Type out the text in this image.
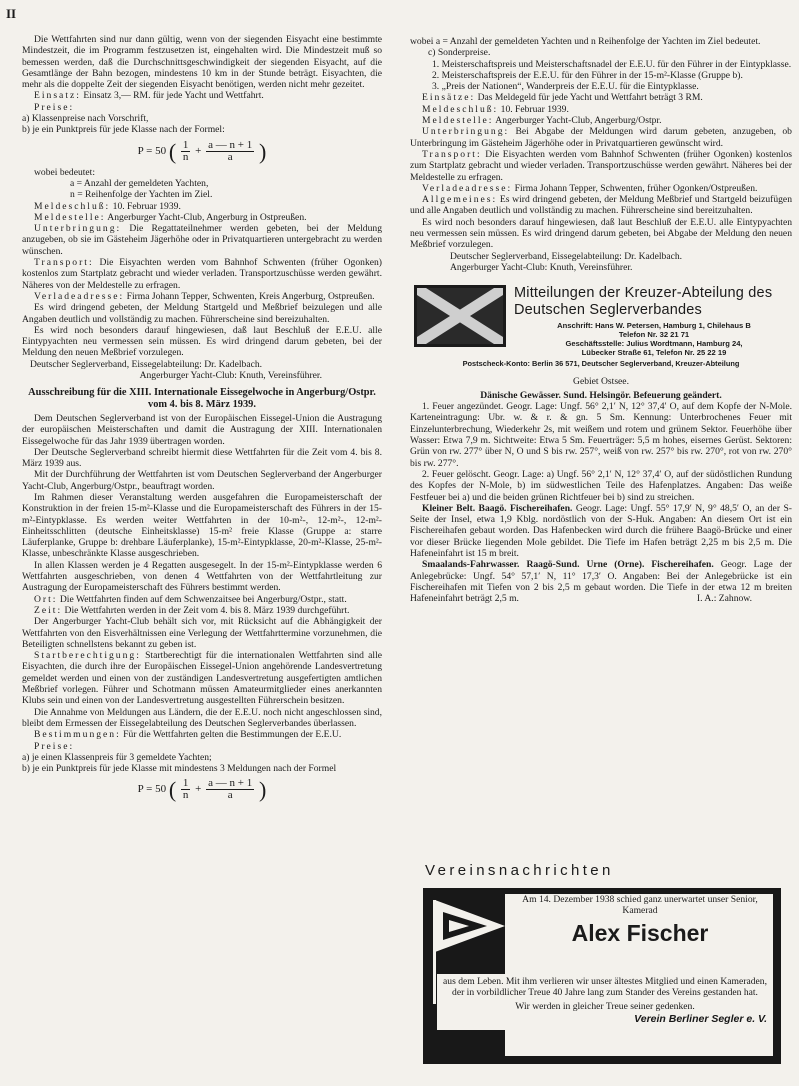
II

Die Wettfahrten sind nur dann gültig, wenn von der siegenden Eisyacht eine bestimmte Mindestzeit, die im Programm festzusetzen ist, eingehalten wird. Die Mindestzeit muß so bemessen werden, daß die Durchschnittsgeschwindigkeit der siegenden Eisyacht, auf die Gesamtlänge der Bahn bezogen, mindestens 10 km in der Stunde beträgt. Eisyachten, die mehr als die doppelte Zeit der siegenden Eisyacht benötigen, werden nicht mehr gezeitet.

Einsatz: Einsatz 3,— RM. für jede Yacht und Wettfahrt.

Preise:

a) Klassenpreise nach Vorschrift,

b) je ein Punktpreis für jede Klasse nach der Formel:

P = 50 ( $\frac{1}{n} + \frac{a — n + 1}{a}$ )

wobei bedeutet:

a = Anzahl der gemeldeten Yachten,

n = Reihenfolge der Yachten im Ziel.

Meldeschluß: 10. Februar 1939.

Meldestelle: Angerburger Yacht-Club, Angerburg in Ostpreußen.

Unterbringung: Die Regattateilnehmer werden gebeten, bei der Meldung anzugeben, ob sie im Gästeheim Jägerhöhe oder in Privatquartieren untergebracht zu werden wünschen.

Transport: Die Eisyachten werden vom Bahnhof Schwenten (früher Ogonken) kostenlos zum Startplatz gebracht und wieder verladen. Transportzuschüsse werden gewährt. Näheres von der Meldestelle zu erfragen.

Verladeadresse: Firma Johann Tepper, Schwenten, Kreis Angerburg, Ostpreußen.

Es wird dringend gebeten, der Meldung Startgeld und Meßbrief beizulegen und alle Angaben deutlich und vollständig zu machen. Führerscheine sind bereizuhalten.

Es wird noch besonders darauf hingewiesen, daß laut Beschluß der E.E.U. alle Eintypyachten neu vermessen sein müssen. Es wird dringend darum gebeten, bei der Meldung den neuen Meßbrief vorzulegen.

Deutscher Seglerverband, Eissegelabteilung: Dr. Kadelbach.

Angerburger Yacht-Club: Knuth, Vereinsführer.

Ausschreibung für die XIII. Internationale Eissegelwoche in Angerburg/Ostpr. vom 4. bis 8. März 1939.

Dem Deutschen Seglerverband ist von der Europäischen Eissegel-Union die Austragung der europäischen Meisterschaften und damit die Austragung der XIII. Internationalen Eissegelwoche für das Jahr 1939 übertragen worden.

Der Deutsche Seglerverband schreibt hiermit diese Wettfahrten für die Zeit vom 4. bis 8. März 1939 aus.

Mit der Durchführung der Wettfahrten ist vom Deutschen Seglerverband der Angerburger Yacht-Club, Angerburg/Ostpr., beauftragt worden.

Im Rahmen dieser Veranstaltung werden ausgefahren die Europameisterschaft der Konstruktion in der freien 15-m²-Klasse und die Europameisterschaft des Führers in der 15-m²-Eintypklasse. Es werden weiter Wettfahrten in der 10-m²-, 12-m²-, 12-m²-Einheitsschlitten (deutsche Einheitsklasse) 15-m² freie Klasse (Gruppe a: starre Läuferplanke, Gruppe b: drehbare Läuferplanke), 15-m²-Eintypklasse, 20-m²-Klasse, 25-m²-Klasse, unbeschränkte Klasse ausgeschrieben.

In allen Klassen werden je 4 Regatten ausgesegelt. In der 15-m²-Eintypklasse werden 6 Wettfahrten ausgeschrieben, von denen 4 Wettfahrten von der Wettfahrtleitung zur Austragung der Europameisterschaft des Führers bestimmt werden.

Ort: Die Wettfahrten finden auf dem Schwenzaitsee bei Angerburg/Ostpr., statt.

Zeit: Die Wettfahrten werden in der Zeit vom 4. bis 8. März 1939 durchgeführt.

Der Angerburger Yacht-Club behält sich vor, mit Rücksicht auf die Abhängigkeit der Wettfahrten von den Eisverhältnissen eine Verlegung der Wettfahrttermine vorzunehmen, die Beteiligten schnellstens bekannt zu geben ist.

Startberechtigung: Startberechtigt für die internationalen Wettfahrten sind alle Eisyachten, die durch ihre der Europäischen Eissegel-Union angehörende Landesvertretung gemeldet werden und einen von der zuständigen Landesvertretung ausgefertigten amtlichen Meßbrief vorlegen. Führer und Schotmann müssen Amateurmitglieder eines anerkannten Klubs sein und einen von der Landesvertretung ausgestellten Führerschein besitzen.

Die Annahme von Meldungen aus Ländern, die der E.E.U. noch nicht angeschlossen sind, bleibt dem Ermessen der Eissegelabteilung des Deutschen Seglerverbandes überlassen.

Bestimmungen: Für die Wettfahrten gelten die Bestimmungen der E.E.U.

Preise:

a) je einen Klassenpreis für 3 gemeldete Yachten;

b) je ein Punktpreis für jede Klasse mit mindestens 3 Meldungen nach der Formel

P = 50 ( $\frac{1}{n} + \frac{a — n + 1}{a}$ )

wobei a = Anzahl der gemeldeten Yachten und n Reihenfolge der Yachten im Ziel bedeutet.

c) Sonderpreise.

1. Meisterschaftspreis und Meisterschaftsnadel der E.E.U. für den Führer in der Eintypklasse.

2. Meisterschaftspreis der E.E.U. für den Führer in der 15-m²-Klasse (Gruppe b).

3. „Preis der Nationen“, Wanderpreis der E.E.U. für die Eintypklasse.

Einsätze: Das Meldegeld für jede Yacht und Wettfahrt beträgt 3 RM.

Meldeschluß: 10. Februar 1939.

Meldestelle: Angerburger Yacht-Club, Angerburg/Ostpr.

Unterbringung: Bei Abgabe der Meldungen wird darum gebeten, anzugeben, ob Unterbringung im Gästeheim Jägerhöhe oder in Privatquartieren gewünscht wird.

Transport: Die Eisyachten werden vom Bahnhof Schwenten (früher Ogonken) kostenlos zum Startplatz gebracht und wieder verladen. Transportzuschüsse werden gewährt. Näheres bei der Meldestelle zu erfragen.

Verladeadresse: Firma Johann Tepper, Schwenten, früher Ogonken/Ostpreußen.

Allgemeines: Es wird dringend gebeten, der Meldung Meßbrief und Startgeld beizufügen und alle Angaben deutlich und vollständig zu machen. Führerscheine sind bereitzuhalten.

Es wird noch besonders darauf hingewiesen, daß laut Beschluß der E.E.U. alle Eintypyachten neu vermessen sein müssen. Es wird dringend darum gebeten, bei Abgabe der Meldung den neuen Meßbrief vorzulegen.

Deutscher Seglerverband, Eissegelabteilung: Dr. Kadelbach.

Angerburger Yacht-Club: Knuth, Vereinsführer.

Mitteilungen der Kreuzer-Abteilung des Deutschen Seglerverbandes
Anschrift: Hans W. Petersen, Hamburg 1, Chilehaus B
Telefon Nr. 32 21 71
Geschäftsstelle: Julius Wordtmann, Hamburg 24,
Lübecker Straße 61, Telefon Nr. 25 22 19

Postscheck-Konto: Berlin 36 571, Deutscher Seglerverband, Kreuzer-Abteilung

Gebiet Ostsee.

Dänische Gewässer. Sund. Helsingör. Befeuerung geändert.

1. Feuer angezündet. Geogr. Lage: Ungf. 56° 2,1′ N, 12° 37,4′ O, auf dem Kopfe der N-Mole. Karteneintragung: Ubr. w. & r. & gn. 5 Sm. Kennung: Unterbrochenes Feuer mit Einzelunterbrechung, Wiederkehr 2s, mit weißem und rotem und grünem Sektor. Feuerhöhe über Wasser: Etwa 7,9 m. Sichtweite: Etwa 5 Sm. Feuerträger: 5,5 m hohes, eisernes Gerüst. Sektoren: Grün von rw. 277° über N, O und S bis rw. 257°, weiß von rw. 257° bis rw. 270°, rot von rw. 270° bis rw. 277°.

2. Feuer gelöscht. Geogr. Lage: a) Ungf. 56° 2,1′ N, 12° 37,4′ O, auf der südöstlichen Rundung des Kopfes der N-Mole, b) im südwestlichen Teile des Hafenplatzes. Angaben: Das weiße Festfeuer bei a) und die beiden grünen Richtfeuer bei b) sind zu streichen.

Kleiner Belt. Baagö. Fischereihafen. Geogr. Lage: Ungf. 55° 17,9′ N, 9° 48,5′ O, an der S-Seite der Insel, etwa 1,9 Kblg. nordöstlich von der S-Huk. Angaben: An diesem Ort ist ein Fischereihafen gebaut worden. Das Hafenbecken wird durch die frühere Baagö-Brücke und einer vor dieser Brücke liegenden Mole gebildet. Die Tiefe im Hafen beträgt 2,25 m bis 2,5 m. Die Hafeneinfahrt ist 15 m breit.

Smaalands-Fahrwasser. Raagö-Sund. Urne (Orne). Fischereihafen. Geogr. Lage der Anlegebrücke: Ungf. 54° 57,1′ N, 11° 17,3′ O. Angaben: Bei der Anlegebrücke ist ein Fischereihafen mit Tiefen von 2 bis 2,5 m gebaut worden. Die Tiefe in der etwa 12 m breiten Hafeneinfahrt beträgt 2,5 m.	I. A.: Zahnow.

Vereinsnachrichten
Am 14. Dezember 1938 schied ganz unerwartet unser Senior, Kamerad
Alex Fischer
aus dem Leben. Mit ihm verlieren wir unser ältestes Mitglied und einen Kameraden, der in vorbildlicher Treue 40 Jahre lang zum Stander des Vereins gestanden hat.
Wir werden in gleicher Treue seiner gedenken.
Verein Berliner Segler e. V.
